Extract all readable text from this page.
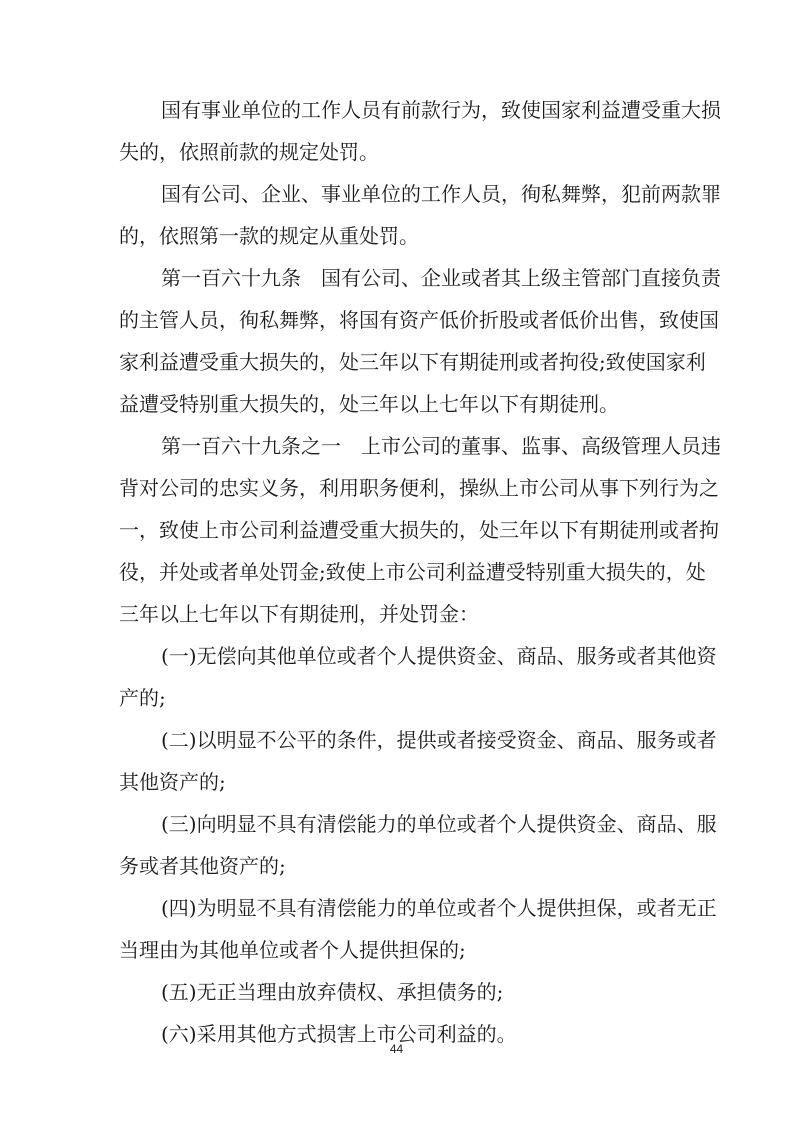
国有事业单位的工作人员有前款行为，致使国家利益遭受重大损

失的，依照前款的规定处罚。

国有公司、企业、事业单位的工作人员，徇私舞弊，犯前两款罪

的，依照第一款的规定从重处罚。

第一百六十九条　国有公司、企业或者其上级主管部门直接负责

的主管人员，徇私舞弊，将国有资产低价折股或者低价出售，致使国

家利益遭受重大损失的，处三年以下有期徒刑或者拘役;致使国家利

益遭受特别重大损失的，处三年以上七年以下有期徒刑。

第一百六十九条之一　上市公司的董事、监事、高级管理人员违

背对公司的忠实义务，利用职务便利，操纵上市公司从事下列行为之

一，致使上市公司利益遭受重大损失的，处三年以下有期徒刑或者拘

役，并处或者单处罚金;致使上市公司利益遭受特别重大损失的，处

三年以上七年以下有期徒刑，并处罚金：

(一)无偿向其他单位或者个人提供资金、商品、服务或者其他资

产的;

(二)以明显不公平的条件，提供或者接受资金、商品、服务或者

其他资产的;

(三)向明显不具有清偿能力的单位或者个人提供资金、商品、服

务或者其他资产的;

(四)为明显不具有清偿能力的单位或者个人提供担保，或者无正

当理由为其他单位或者个人提供担保的;

(五)无正当理由放弃债权、承担债务的;

(六)采用其他方式损害上市公司利益的。

44
